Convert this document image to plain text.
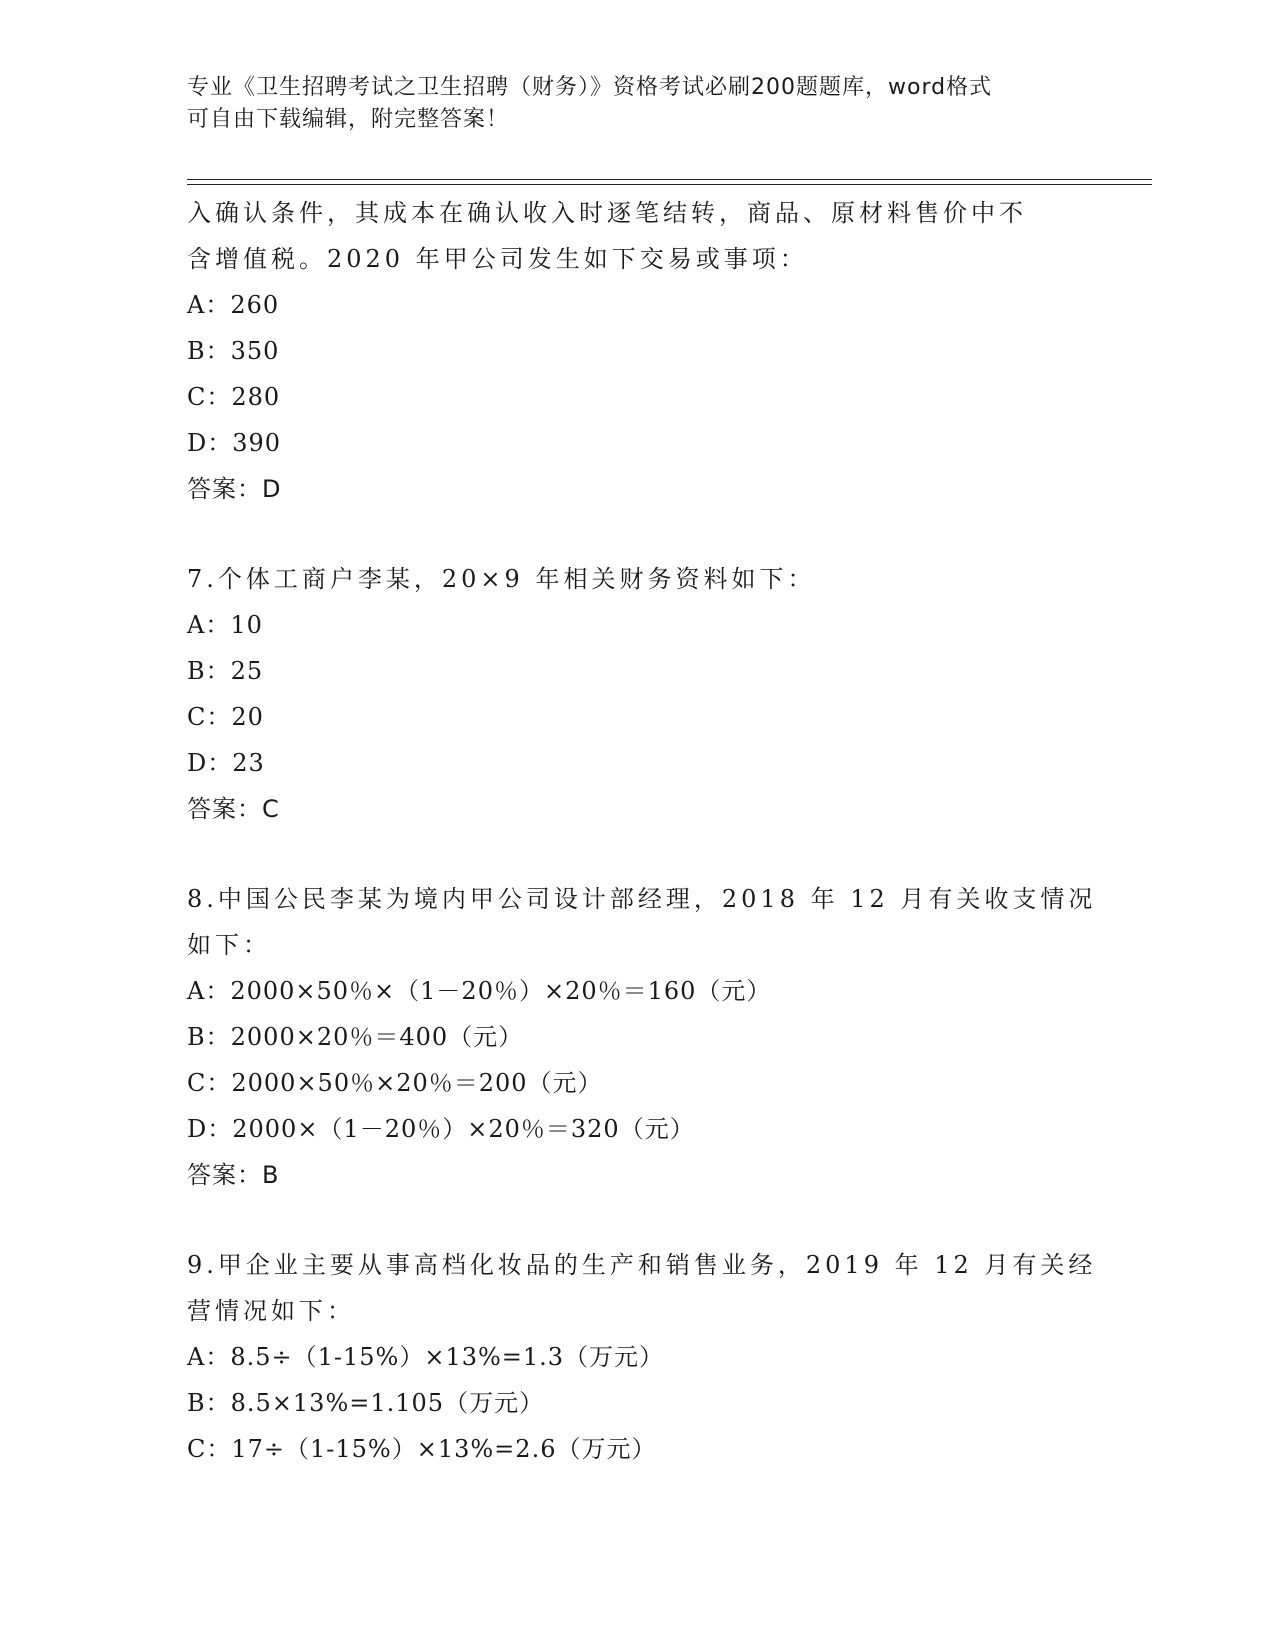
专业《卫生招聘考试之卫生招聘（财务）》资格考试必刷200题题库，word格式
可自由下载编辑，附完整答案！
入确认条件，其成本在确认收入时逐笔结转，商品、原材料售价中不
含增值税。2020 年甲公司发生如下交易或事项：
A：260
B：350
C：280
D：390
答案：D
7.个体工商户李某，20×9 年相关财务资料如下：
A：10
B：25
C：20
D：23
答案：C
8.中国公民李某为境内甲公司设计部经理，2018 年 12 月有关收支情况
如下：
A：2000×50％×（1－20％）×20％＝160（元）
B：2000×20％＝400（元）
C：2000×50％×20％＝200（元）
D：2000×（1－20％）×20％＝320（元）
答案：B
9.甲企业主要从事高档化妆品的生产和销售业务，2019 年 12 月有关经
营情况如下：
A：8.5÷（1-15%）×13%=1.3（万元）
B：8.5×13%=1.105（万元）
C：17÷（1-15%）×13%=2.6（万元）
